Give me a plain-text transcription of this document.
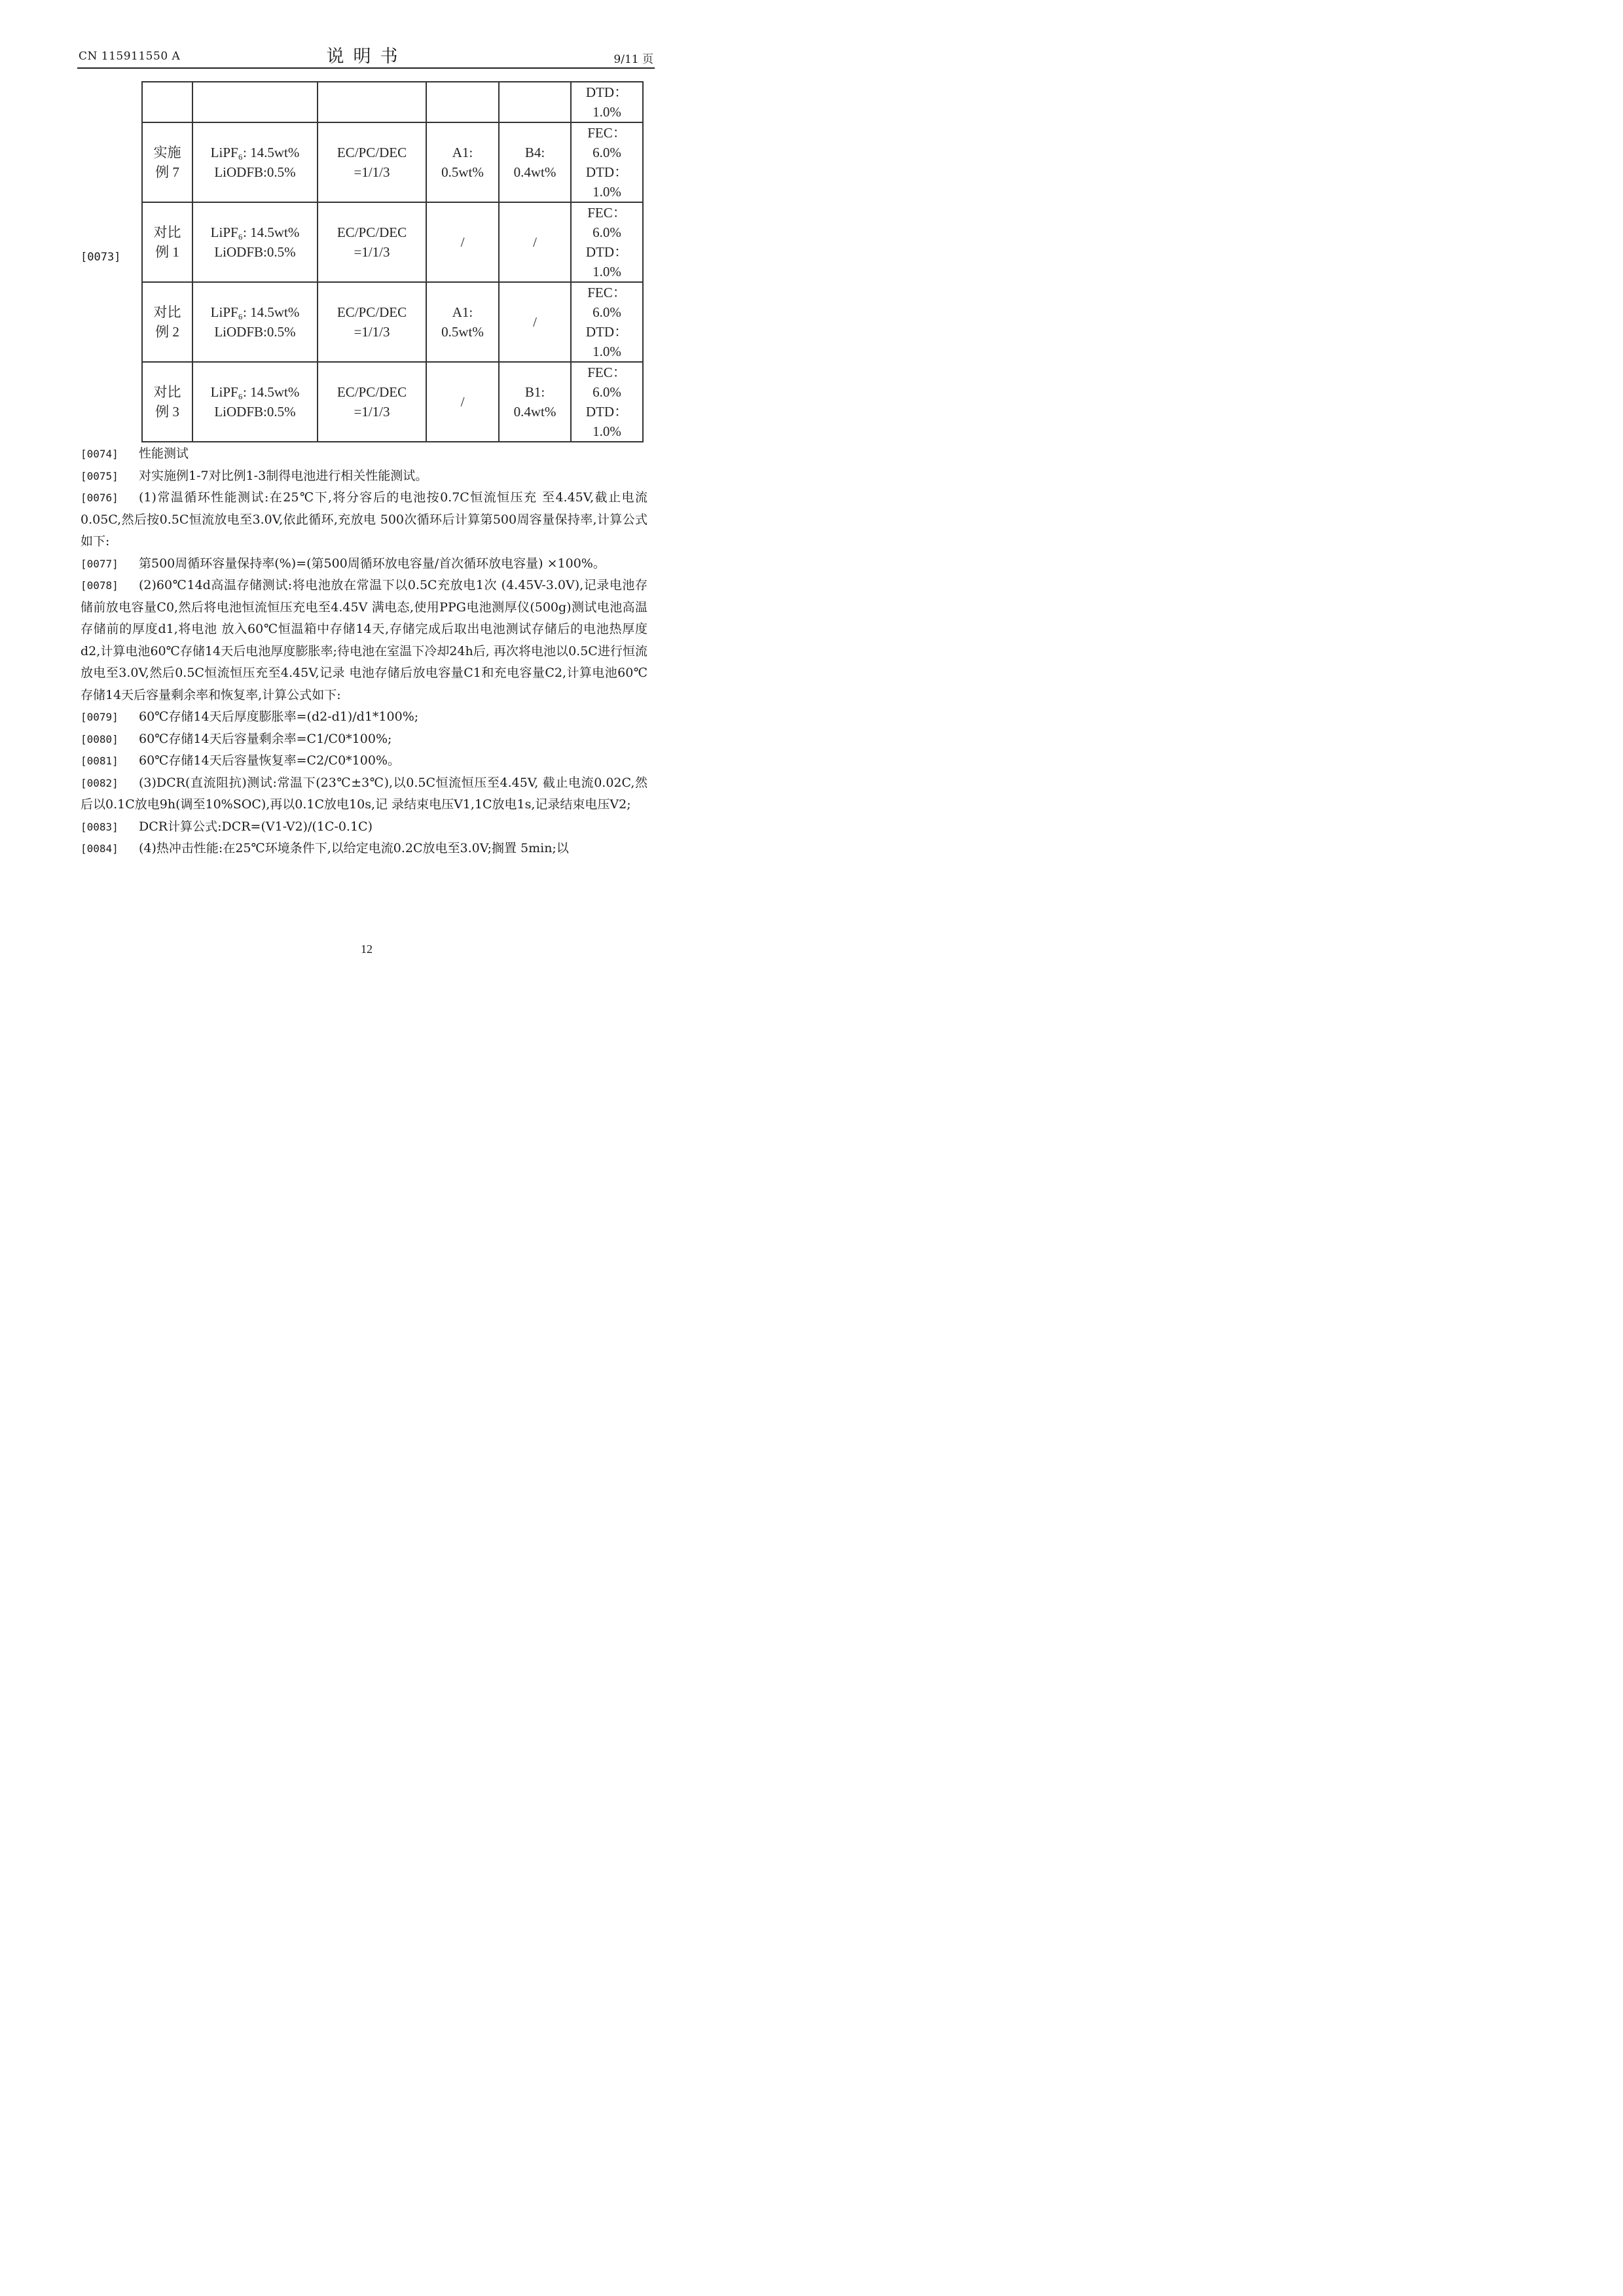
CN 115911550 A	说明书	9/11 页
[0073]

					DTD：
1.0%

实施
例 7	LiPF₆: 14.5wt%
LiODFB:0.5%	EC/PC/DEC
=1/1/3	A1:
0.5wt%	B4:
0.4wt%	FEC：
6.0%
DTD：
1.0%

对比
例 1	LiPF₆: 14.5wt%
LiODFB:0.5%	EC/PC/DEC
=1/1/3	/	/	FEC：
6.0%
DTD：
1.0%

对比
例 2	LiPF₆: 14.5wt%
LiODFB:0.5%	EC/PC/DEC
=1/1/3	A1:
0.5wt%	/	FEC：
6.0%
DTD：
1.0%

对比
例 3	LiPF₆: 14.5wt%
LiODFB:0.5%	EC/PC/DEC
=1/1/3	/	B1:
0.4wt%	FEC：
6.0%
DTD：
1.0%
[0074] 性能测试
[0075] 对实施例1-7对比例1-3制得电池进行相关性能测试。
[0076] (1)常温循环性能测试:在25℃下,将分容后的电池按0.7C恒流恒压充 至4.45V,截止电流0.05C,然后按0.5C恒流放电至3.0V,依此循环,充放电 500次循环后计算第500周容量保持率,计算公式如下:
[0077] 第500周循环容量保持率(%)=(第500周循环放电容量/首次循环放电容量) ×100%。
[0078] (2)60℃14d高温存储测试:将电池放在常温下以0.5C充放电1次 (4.45V-3.0V),记录电池存储前放电容量C0,然后将电池恒流恒压充电至4.45V 满电态,使用PPG电池测厚仪(500g)测试电池高温存储前的厚度d1,将电池 放入60℃恒温箱中存储14天,存储完成后取出电池测试存储后的电池热厚度 d2,计算电池60℃存储14天后电池厚度膨胀率;待电池在室温下冷却24h后, 再次将电池以0.5C进行恒流放电至3.0V,然后0.5C恒流恒压充至4.45V,记录 电池存储后放电容量C1和充电容量C2,计算电池60℃存储14天后容量剩余率和恢复率,计算公式如下:
[0079] 60℃存储14天后厚度膨胀率=(d2-d1)/d1*100%;
[0080] 60℃存储14天后容量剩余率=C1/C0*100%;
[0081] 60℃存储14天后容量恢复率=C2/C0*100%。
[0082] (3)DCR(直流阻抗)测试:常温下(23℃±3℃),以0.5C恒流恒压至4.45V, 截止电流0.02C,然后以0.1C放电9h(调至10%SOC),再以0.1C放电10s,记 录结束电压V1,1C放电1s,记录结束电压V2;
[0083] DCR计算公式:DCR=(V1-V2)/(1C-0.1C)
[0084] (4)热冲击性能:在25℃环境条件下,以给定电流0.2C放电至3.0V;搁置 5min;以
12
